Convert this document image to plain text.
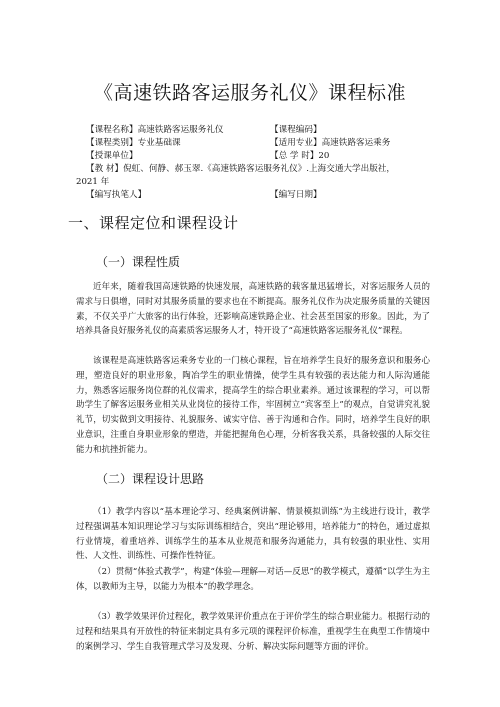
《高速铁路客运服务礼仪》课程标准
【课程名称】高速铁路客运服务礼仪	【课程编码】
【课程类别】专业基础课	【适用专业】高速铁路客运乘务
【授课单位】	【总 学 时】20
【教 材】倪虹、何静、郝玉翠.《高速铁路客运服务礼仪》.上海交通大学出版社，
2021 年
【编写执笔人】	【编写日期】
一、课程定位和课程设计
（一）课程性质

近年来，随着我国高速铁路的快速发展，高速铁路的载客量迅猛增长，对客运服务人员的需求与日俱增，同时对其服务质量的要求也在不断提高。服务礼仪作为决定服务质量的关键因素，不仅关乎广大旅客的出行体验，还影响高速铁路企业、社会甚至国家的形象。因此，为了培养具备良好服务礼仪的高素质客运服务人才，特开设了“高速铁路客运服务礼仪”课程。

该课程是高速铁路客运乘务专业的一门核心课程，旨在培养学生良好的服务意识和服务心理，塑造良好的职业形象，陶冶学生的职业情操，使学生具有较强的表达能力和人际沟通能力，熟悉客运服务岗位群的礼仪需求，提高学生的综合职业素养。通过该课程的学习，可以帮助学生了解客运服务业相关从业岗位的接待工作，牢固树立“宾客至上”的观点，自觉讲究礼貌礼节，切实做到文明接待、礼貌服务、诚实守信、善于沟通和合作。同时，培养学生良好的职业意识，注重自身职业形象的塑造，并能把握角色心理，分析客我关系，具备较强的人际交往能力和抗挫折能力。

（二）课程设计思路

（1）教学内容以“基本理论学习、经典案例讲解、情景模拟训练”为主线进行设计，教学过程强调基本知识理论学习与实际训练相结合，突出“理论够用，培养能力”的特色，通过虚拟行业情境，着重培养、训练学生的基本从业规范和服务沟通能力，具有较强的职业性、实用性、人文性、训练性、可操作性特征。

（2）贯彻“体验式教学”，构建“体验—理解—对话—反思”的教学模式，遵循“以学生为主体，以教师为主导，以能力为根本”的教学理念。

（3）教学效果评价过程化，教学效果评价重点在于评价学生的综合职业能力。根据行动的过程和结果具有开放性的特征来制定具有多元项的课程评价标准，重视学生在典型工作情境中的案例学习、学生自我管理式学习及发现、分析、解决实际问题等方面的评价。
